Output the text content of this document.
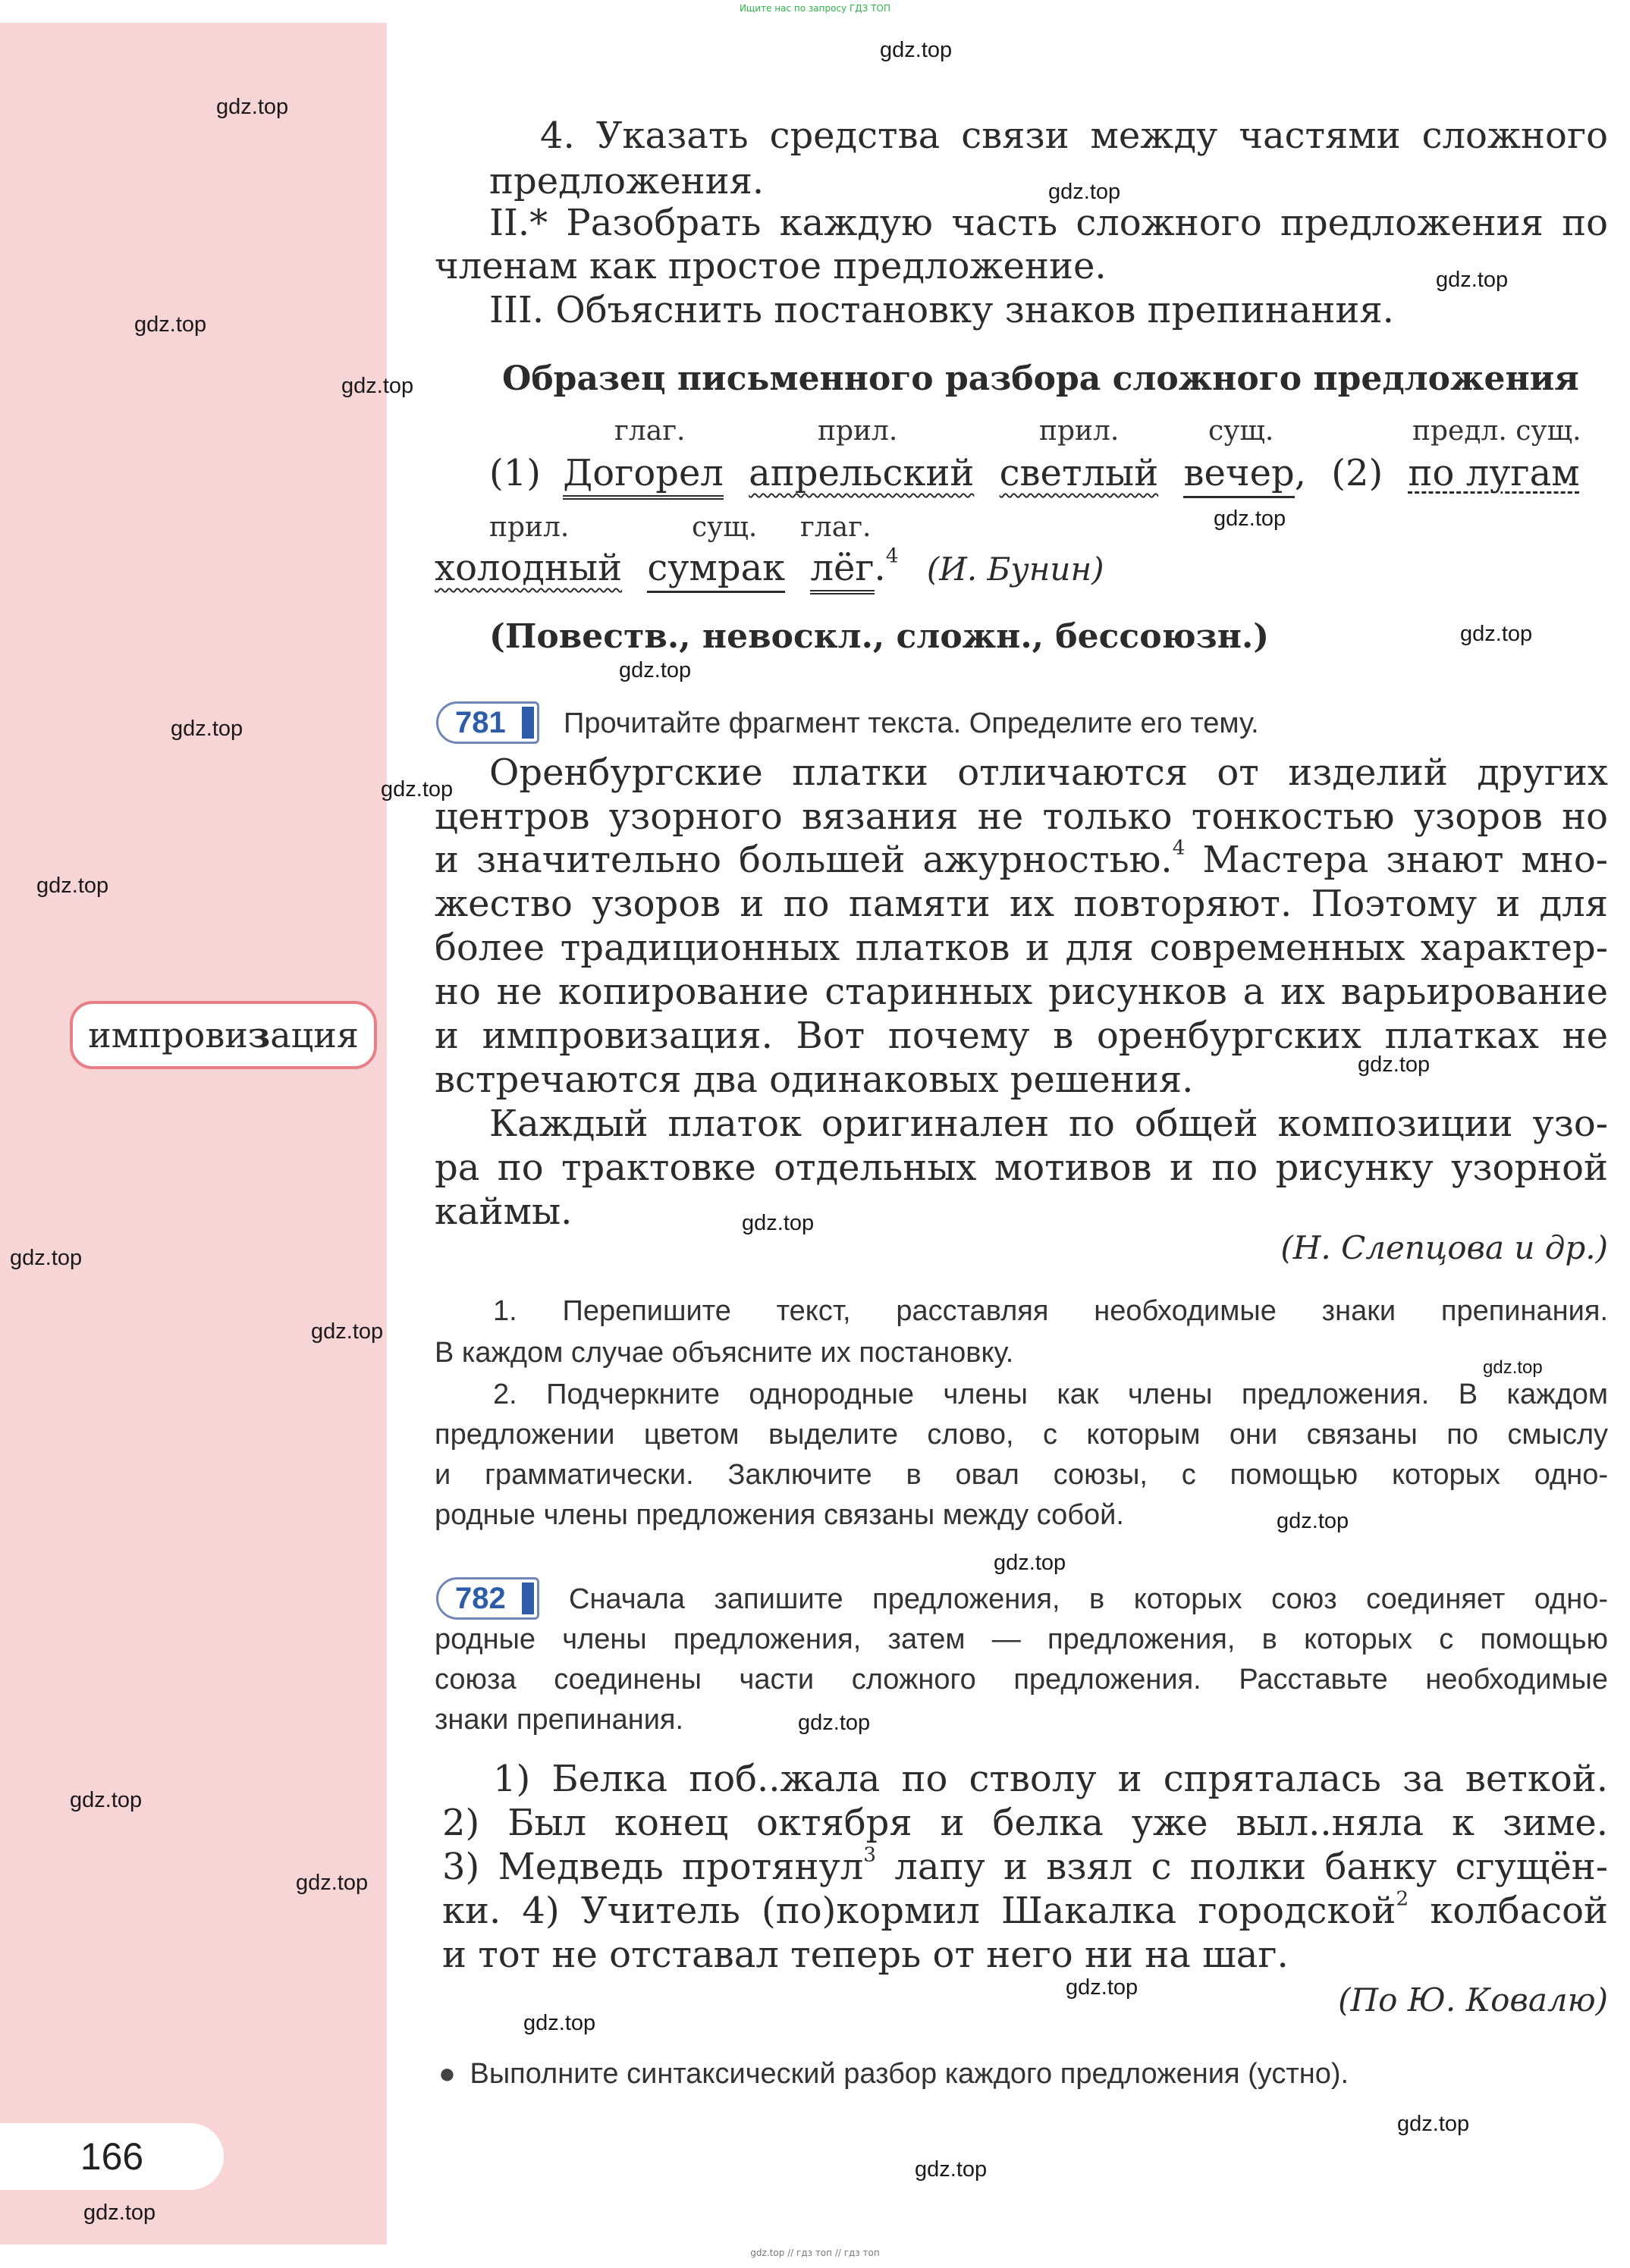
Ищите нас по запросу ГДЗ ТОП
4. Указать средства связи между частями сложного
предложения.
II.* Разобрать каждую часть сложного предложения по
членам как простое предложение.
III. Объяснить постановку знаков препинания.
Образец письменного разбора сложного предложения
глаг.	прил.	прил.	сущ.	предл. сущ.
(1) Догорел апрельский светлый вечер, (2) по лугам
прил.	сущ. глаг.
холодный сумрак лёг.$^4$ (И. Бунин)
(Повеств., невоскл., сложн., бессоюзн.)
781	Прочитайте фрагмент текста. Определите его тему.
Оренбургские платки отличаются от изделий других
центров узорного вязания не только тонкостью узоров но
и значительно большей ажурностью.$^4$ Мастера знают мно-
жество узоров и по памяти их повторяют. Поэтому и для
более традиционных платков и для современных характер-
но не копирование старинных рисунков а их варьирование
и импровизация. Вот почему в оренбургских платках не
встречаются два одинаковых решения.
Каждый платок оригинален по общей композиции узо-
ра по трактовке отдельных мотивов и по рисунку узорной
каймы.
(Н. Слепцова и др.)
1. Перепишите текст, расставляя необходимые знаки препинания.
В каждом случае объясните их постановку.
2. Подчеркните однородные члены как члены предложения. В каждом
предложении цветом выделите слово, с которым они связаны по смыслу
и грамматически. Заключите в овал союзы, с помощью которых одно-
родные члены предложения связаны между собой.
782	Сначала запишите предложения, в которых союз соединяет одно-
родные члены предложения, затем — предложения, в которых с помощью
союза соединены части сложного предложения. Расставьте необходимые
знаки препинания.
1) Белка поб..жала по стволу и спряталась за веткой.
2) Был конец октября и белка уже выл..няла к зиме.
3) Медведь протянул$^3$ лапу и взял с полки банку сгущён-
ки. 4) Учитель (по)кормил Шакалка городской$^2$ колбасой
и тот не отставал теперь от него ни на шаг.
(По Ю. Ковалю)
● Выполните синтаксический разбор каждого предложения (устно).
импровизация
166
gdz.top
gdz.top
gdz.top
gdz.top
gdz.top
gdz.top
gdz.top
gdz.top
gdz.top
gdz.top
gdz.top
gdz.top
gdz.top
gdz.top
gdz.top
gdz.top
gdz.top
gdz.top
gdz.top
gdz.top
gdz.top
gdz.top
gdz.top
gdz.top
gdz.top
gdz.top
gdz.top
gdz.top // гдз топ // гдз топ
